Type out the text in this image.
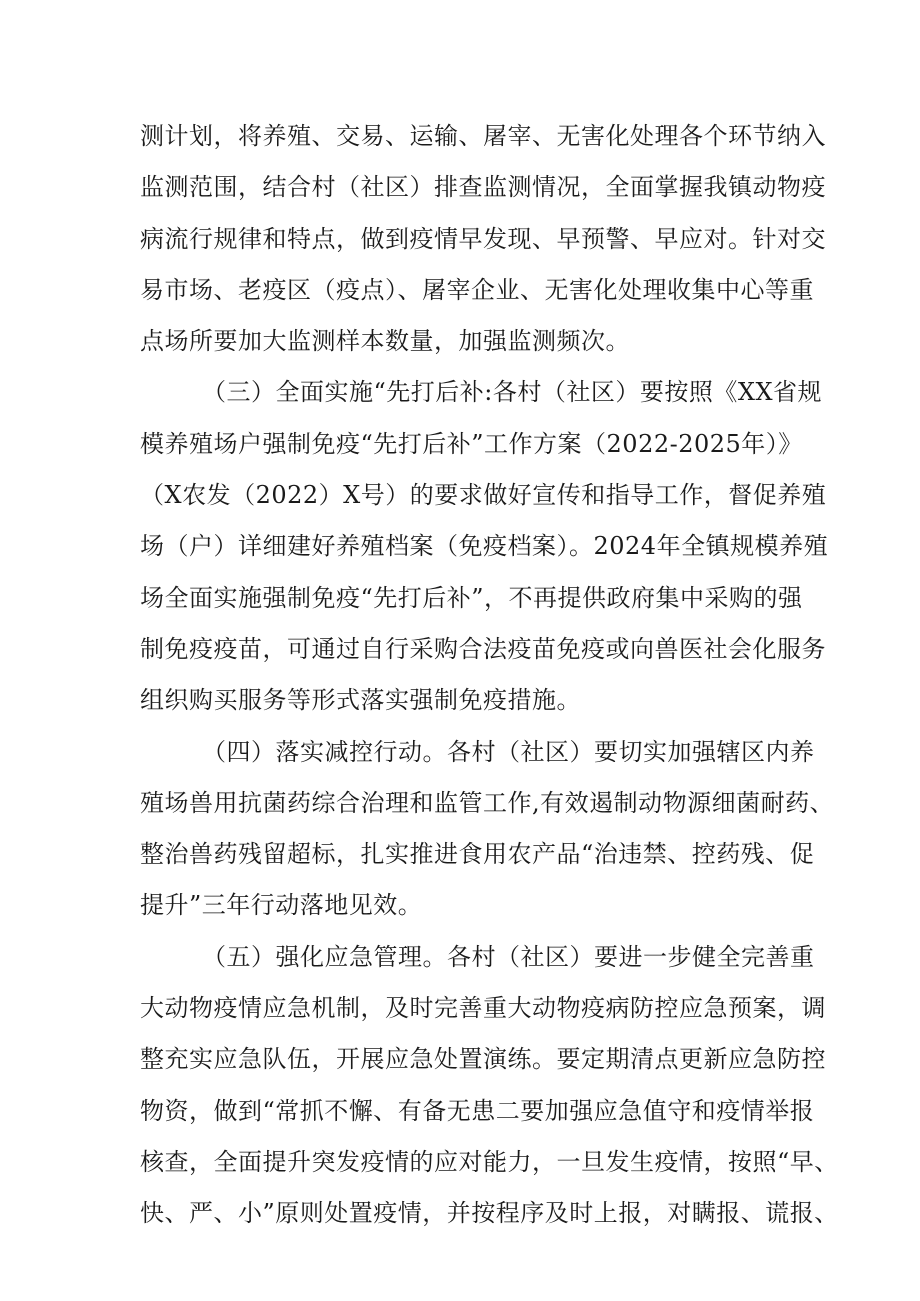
测计划，将养殖、交易、运输、屠宰、无害化处理各个环节纳入
监测范围，结合村（社区）排查监测情况，全面掌握我镇动物疫
病流行规律和特点，做到疫情早发现、早预警、早应对。针对交
易市场、老疫区（疫点）、屠宰企业、无害化处理收集中心等重
点场所要加大监测样本数量，加强监测频次。
（三）全面实施“先打后补:各村（社区）要按照《XX省规
模养殖场户强制免疫“先打后补”工作方案（2022-2025年）》
（X农发（2022）X号）的要求做好宣传和指导工作，督促养殖
场（户）详细建好养殖档案（免疫档案）。2024年全镇规模养殖
场全面实施强制免疫“先打后补”，不再提供政府集中采购的强
制免疫疫苗，可通过自行采购合法疫苗免疫或向兽医社会化服务
组织购买服务等形式落实强制免疫措施。
（四）落实减控行动。各村（社区）要切实加强辖区内养
殖场兽用抗菌药综合治理和监管工作,有效遏制动物源细菌耐药、
整治兽药残留超标，扎实推进食用农产品“治违禁、控药残、促
提升”三年行动落地见效。
（五）强化应急管理。各村（社区）要进一步健全完善重
大动物疫情应急机制，及时完善重大动物疫病防控应急预案，调
整充实应急队伍，开展应急处置演练。要定期清点更新应急防控
物资，做到“常抓不懈、有备无患二要加强应急值守和疫情举报
核查，全面提升突发疫情的应对能力，一旦发生疫情，按照“早、
快、严、小”原则处置疫情，并按程序及时上报，对瞒报、谎报、
